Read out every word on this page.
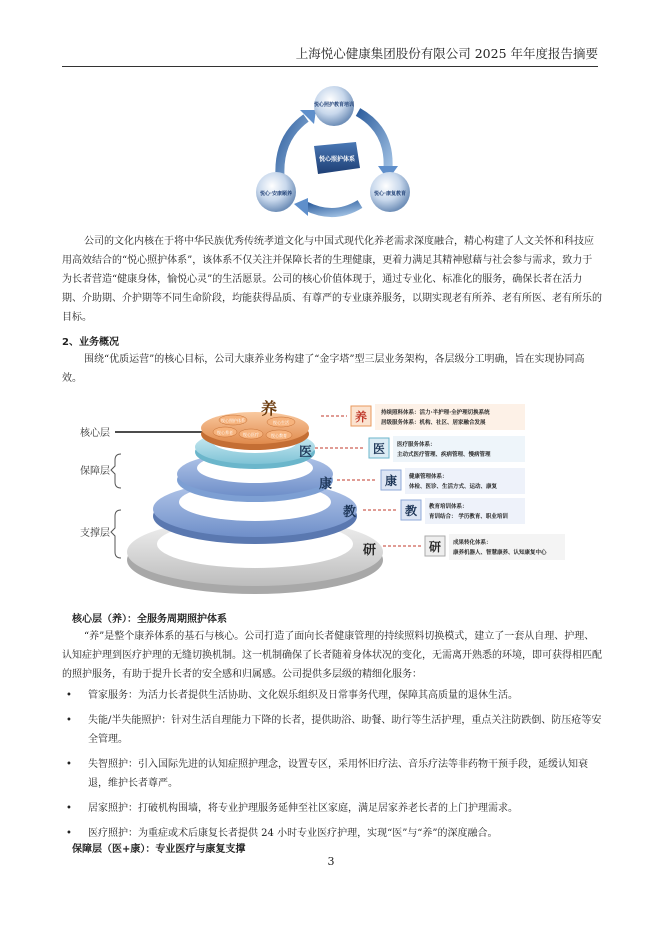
上海悦心健康集团股份有限公司 2025 年年度报告摘要
悦心照护体系
悦心照护教育培训
悦心·康复教育
悦心·安康颐养

公司的文化内核在于将中华民族优秀传统孝道文化与中国式现代化养老需求深度融合，精心构建了人文关怀和科技应用高效结合的“悦心照护体系”，该体系不仅关注并保障长者的生理健康，更着力满足其精神慰藉与社会参与需求，致力于为长者营造“健康身体，愉悦心灵”的生活愿景。公司的核心价值体现于，通过专业化、标准化的服务，确保长者在活力期、介助期、介护期等不同生命阶段，均能获得品质、有尊严的专业康养服务，以期实现老有所养、老有所医、老有所乐的目标。

2、业务概况

围绕“优质运营”的核心目标，公司大康养业务构建了“金字塔”型三层业务架构，各层级分工明确，旨在实现协同高效。

核心层
保障层
支撑层
悦心照护体系
悦心养老	悦心医疗
悦心生活
悦心教育
养
医
康
教
研
养	持续照料体系：活力·半护理·全护理切换系统
居级服务体系：机构、社区、居家融合发展
医 医疗服务体系：
主动式医疗管理、疾病管理、慢病管理
康 健康管理体系：
体检、医诊、生活方式、运动、康复
教 教育培训体系：
育训结合： 学历教育、职业培训
研 成果转化体系：
康养机器人、智慧康养、认知康复中心
核心层（养）：全服务周期照护体系

“养”是整个康养体系的基石与核心。公司打造了面向长者健康管理的持续照料切换模式，建立了一套从自理、护理、认知症护理到医疗护理的无缝切换机制。这一机制确保了长者随着身体状况的变化，无需离开熟悉的环境，即可获得相匹配的照护服务，有助于提升长者的安全感和归属感。公司提供多层级的精细化服务：

• 管家服务：为活力长者提供生活协助、文化娱乐组织及日常事务代理，保障其高质量的退休生活。
• 失能/半失能照护：针对生活自理能力下降的长者，提供助浴、助餐、助行等生活护理，重点关注防跌倒、防压疮等安全管理。
• 失智照护：引入国际先进的认知症照护理念，设置专区，采用怀旧疗法、音乐疗法等非药物干预手段，延缓认知衰退，维护长者尊严。
• 居家照护：打破机构围墙，将专业护理服务延伸至社区家庭，满足居家养老长者的上门护理需求。
• 医疗照护：为重症或术后康复长者提供 24 小时专业医疗护理，实现“医”与“养”的深度融合。
保障层（医+康）：专业医疗与康复支撑
3
